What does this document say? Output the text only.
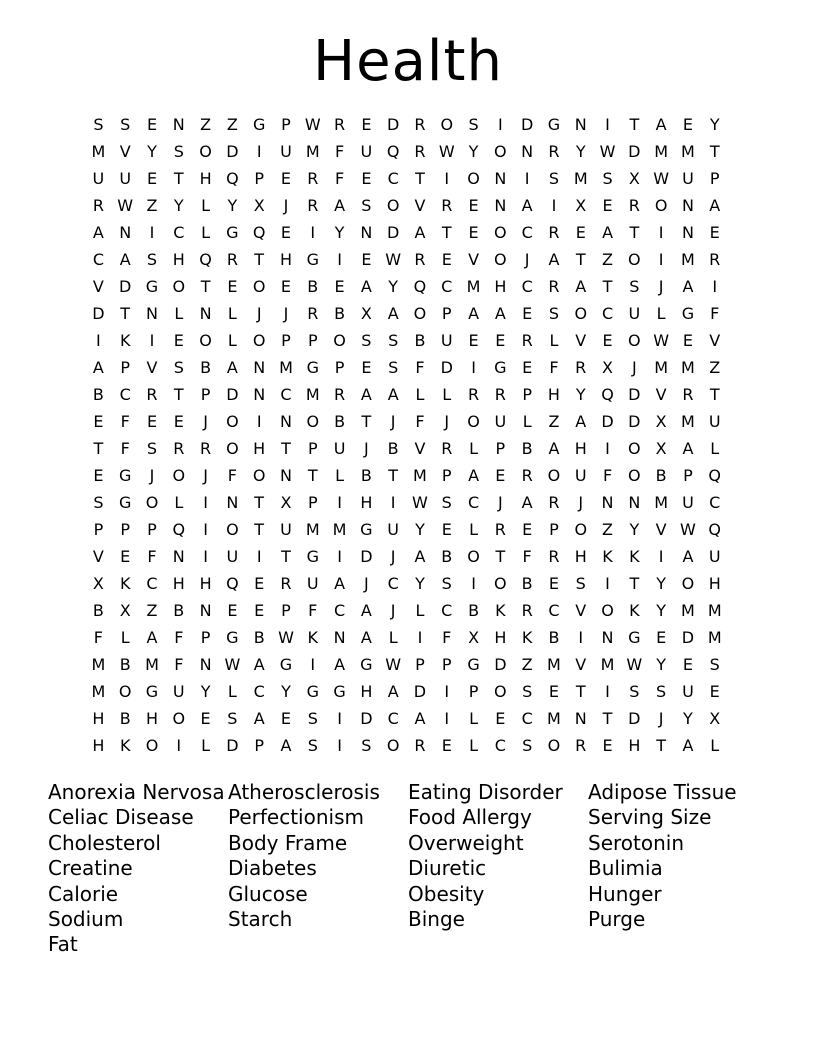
Health
S	S	E N Z Z G P W R	E D R O S	I	D G N	I	T	A	E	Y
M V	Y	S O D	I	U M F	U Q R W Y O N R	Y W D M M T
U U E	T H Q P	E	R	F	E	C	T	I	O N	I	S M S	X W U	P
R W Z	Y	L	Y	X	J	R A	S O V R	E N A	I	X	E	R O N A
A N	I	C	L	G Q E	I	Y N D A	T	E O C R	E	A	T	I	N E
C A	S H Q R	T H G	I	E W R	E	V O	J	A	T	Z O	I	M R
V D G O T	E O E	B	E	A	Y Q C M H C R A	T	S	J	A	I
D T N	L	N	L	J	J	R B X A O P	A A	E	S O C U	L	G	F
I	K	I	E O	L	O P	P O S	S	B U E	E	R	L	V	E O W E	V
A	P	V	S	B A N M G P	E	S	F	D	I	G E	F	R X	J	M M Z
B C R	T	P D N C M R A A	L	L	R R	P H Y Q D V R	T
E	F	E	E	J	O	I	N O B	T	J	F	J	O U	L	Z A D D X M U
T	F	S	R R O H T	P	U	J	B V R	L	P	B A H	I	O X A	L
E G	J	O	J	F O N T	L	B	T M P	A	E	R O U	F O B	P Q
S G O	L	I	N T	X	P	I	H	I	W S	C	J	A R	J	N N M U C
P	P	P Q	I	O T	U M M G U	Y	E	L	R	E	P O Z	Y	V W Q
V	E	F	N	I	U	I	T G	I	D	J	A B O T	F	R H K	K	I	A U
X	K C H H Q E	R U A	J	C	Y	S	I	O B	E	S	I	T	Y O H
B X Z B N E	E	P	F	C A	J	L	C B	K R C V O K	Y M M
F	L	A	F	P G B W K N A	L	I	F	X H K	B	I	N G E D M
M B M F	N W A G	I	A G W P	P G D Z M V M W Y	E	S
M O G U	Y	L	C	Y G G H A D	I	P O S	E	T	I	S	S U E
H B H O E	S	A	E	S	I	D C A	I	L	E	C M N T D	J	Y	X
H K O	I	L	D P	A	S	I	S O R	E	L	C	S O R	E H T	A	L
Anorexia Nervosa
Celiac Disease
Cholesterol
Creatine
Calorie
Sodium
Fat
Atherosclerosis
Perfectionism
Body Frame
Diabetes
Glucose
Starch
Eating Disorder
Food Allergy
Overweight
Diuretic
Obesity
Binge
Adipose Tissue
Serving Size
Serotonin
Bulimia
Hunger
Purge
